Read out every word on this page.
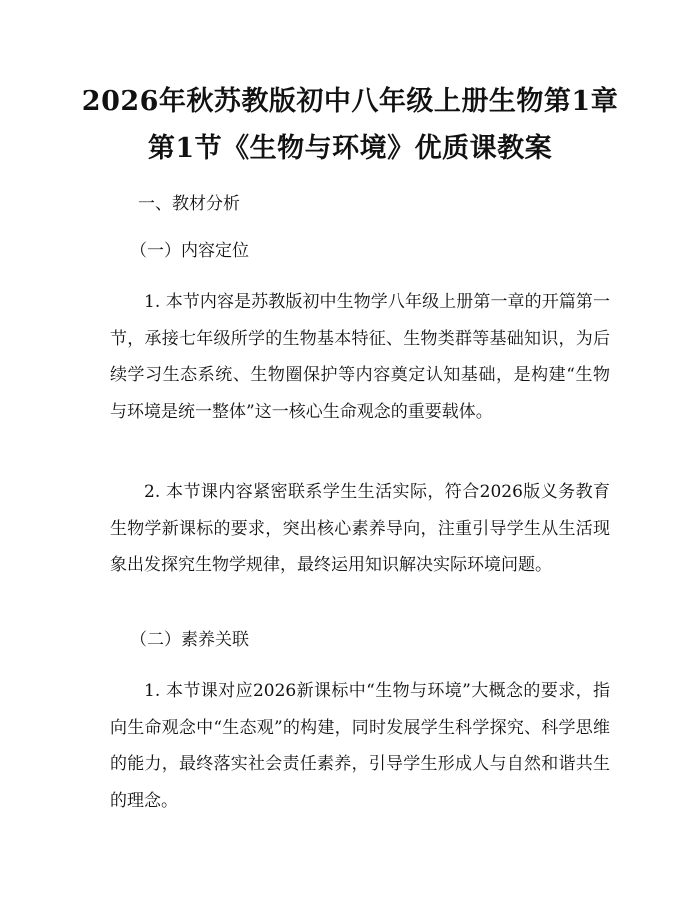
2026年秋苏教版初中八年级上册生物第1章
第1节《生物与环境》优质课教案
一、教材分析
（一）内容定位
1. 本节内容是苏教版初中生物学八年级上册第一章的开篇第一节，承接七年级所学的生物基本特征、生物类群等基础知识，为后续学习生态系统、生物圈保护等内容奠定认知基础，是构建“生物与环境是统一整体”这一核心生命观念的重要载体。
2. 本节课内容紧密联系学生生活实际，符合2026版义务教育生物学新课标的要求，突出核心素养导向，注重引导学生从生活现象出发探究生物学规律，最终运用知识解决实际环境问题。
（二）素养关联
1. 本节课对应2026新课标中“生物与环境”大概念的要求，指向生命观念中“生态观”的构建，同时发展学生科学探究、科学思维的能力，最终落实社会责任素养，引导学生形成人与自然和谐共生的理念。
